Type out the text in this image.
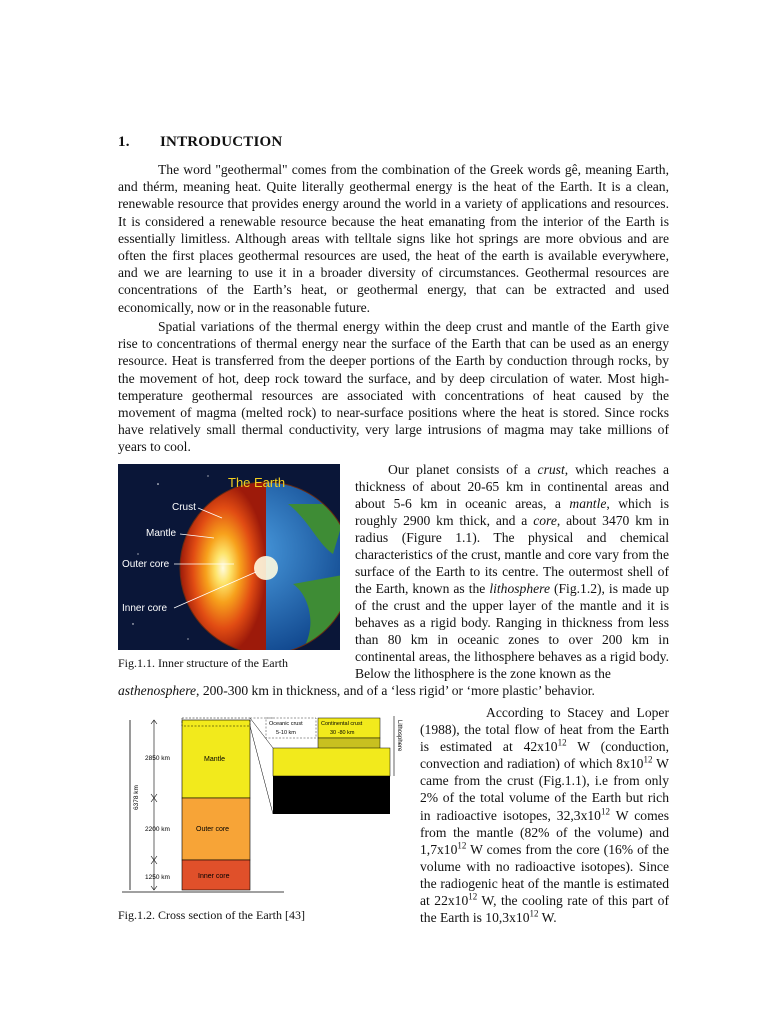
1. INTRODUCTION
The word "geothermal" comes from the combination of the Greek words gê, meaning Earth, and thérm, meaning heat. Quite literally geothermal energy is the heat of the Earth. It is a clean, renewable resource that provides energy around the world in a variety of applications and resources. It is considered a renewable resource because the heat emanating from the interior of the Earth is essentially limitless. Although areas with telltale signs like hot springs are more obvious and are often the first places geothermal resources are used, the heat of the earth is available everywhere, and we are learning to use it in a broader diversity of circumstances. Geothermal resources are concentrations of the Earth’s heat, or geothermal energy, that can be extracted and used economically, now or in the reasonable future.
Spatial variations of the thermal energy within the deep crust and mantle of the Earth give rise to concentrations of thermal energy near the surface of the Earth that can be used as an energy resource. Heat is transferred from the deeper portions of the Earth by conduction through rocks, by the movement of hot, deep rock toward the surface, and by deep circulation of water. Most high-temperature geothermal resources are associated with concentrations of heat caused by the movement of magma (melted rock) to near-surface positions where the heat is stored. Since rocks have relatively small thermal conductivity, very large intrusions of magma may take millions of years to cool.
The Earth
Crust
Mantle
Outer core
Inner core
Fig.1.1. Inner structure of the Earth
Our planet consists of a crust, which reaches a thickness of about 20-65 km in continental areas and about 5-6 km in oceanic areas, a mantle, which is roughly 2900 km thick, and a core, about 3470 km in radius (Figure 1.1). The physical and chemical characteristics of the crust, mantle and core vary from the surface of the Earth to its centre. The outermost shell of the Earth, known as the lithosphere (Fig.1.2), is made up of the crust and the upper layer of the mantle and it is behaves as a rigid body. Ranging in thickness from less than 80 km in oceanic zones to over 200 km in continental areas, the lithosphere behaves as a rigid body. Below the lithosphere is the zone known as the
asthenosphere, 200-300 km in thickness, and of a ‘less rigid’ or ‘more plastic’ behavior.
6378 km
2850 km
2200 km
1250 km
Mantle
Outer core
Inner core
Oceanic crust
5-10 km
Continental crust
30 -80 km	Lithosphere
Fig.1.2. Cross section of the Earth [43]
According to Stacey and Loper (1988), the total flow of heat from the Earth is estimated at $42x10^{12}$ W (conduction, convection and radiation) of which $8x10^{12}$ W came from the crust (Fig.1.1), i.e from only 2% of the total volume of the Earth but rich in radioactive isotopes, $32,3x10^{12}$ W comes from the mantle (82% of the volume) and $1,7x10^{12}$ W comes from the core (16% of the volume with no radioactive isotopes). Since the radiogenic heat of the mantle is estimated at $22x10^{12}$ W, the cooling rate of this part of the Earth is $10,3x10^{12}$ W.
